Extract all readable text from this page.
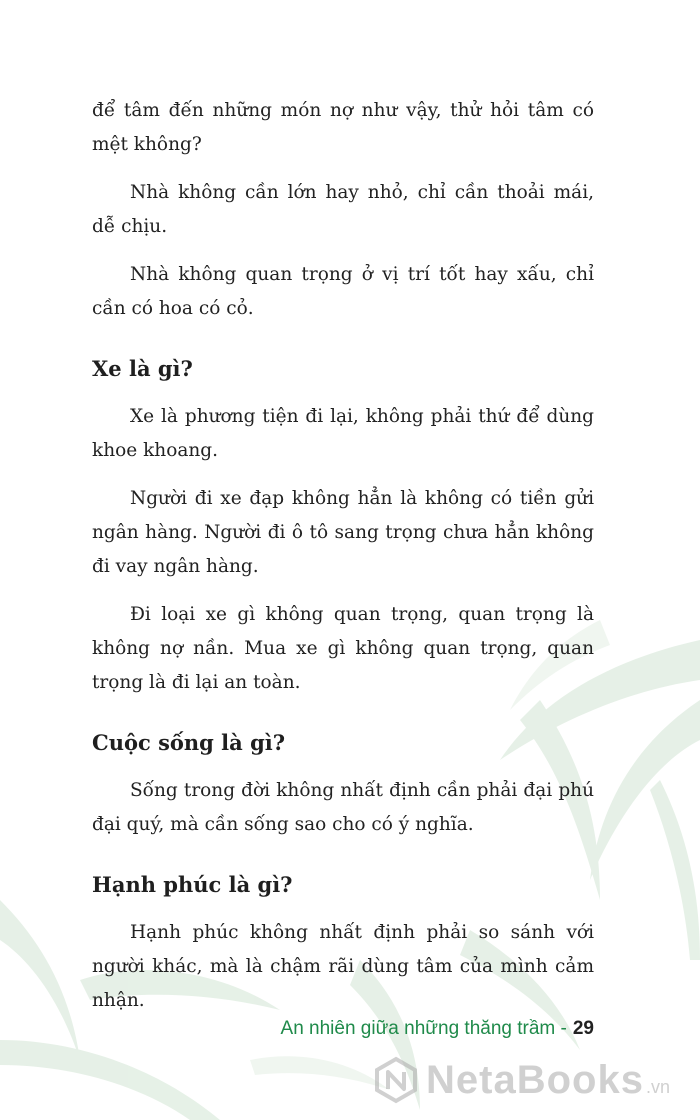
để tâm đến những món nợ như vậy, thử hỏi tâm có mệt không?

Nhà không cần lớn hay nhỏ, chỉ cần thoải mái, dễ chịu.

Nhà không quan trọng ở vị trí tốt hay xấu, chỉ cần có hoa có cỏ.

Xe là gì?

Xe là phương tiện đi lại, không phải thứ để dùng khoe khoang.

Người đi xe đạp không hẳn là không có tiền gửi ngân hàng. Người đi ô tô sang trọng chưa hẳn không đi vay ngân hàng.

Đi loại xe gì không quan trọng, quan trọng là không nợ nần. Mua xe gì không quan trọng, quan trọng là đi lại an toàn.

Cuộc sống là gì?

Sống trong đời không nhất định cần phải đại phú đại quý, mà cần sống sao cho có ý nghĩa.

Hạnh phúc là gì?

Hạnh phúc không nhất định phải so sánh với người khác, mà là chậm rãi dùng tâm của mình cảm nhận.

An nhiên giữa những thăng trầm - 29
NetaBooks .vn
